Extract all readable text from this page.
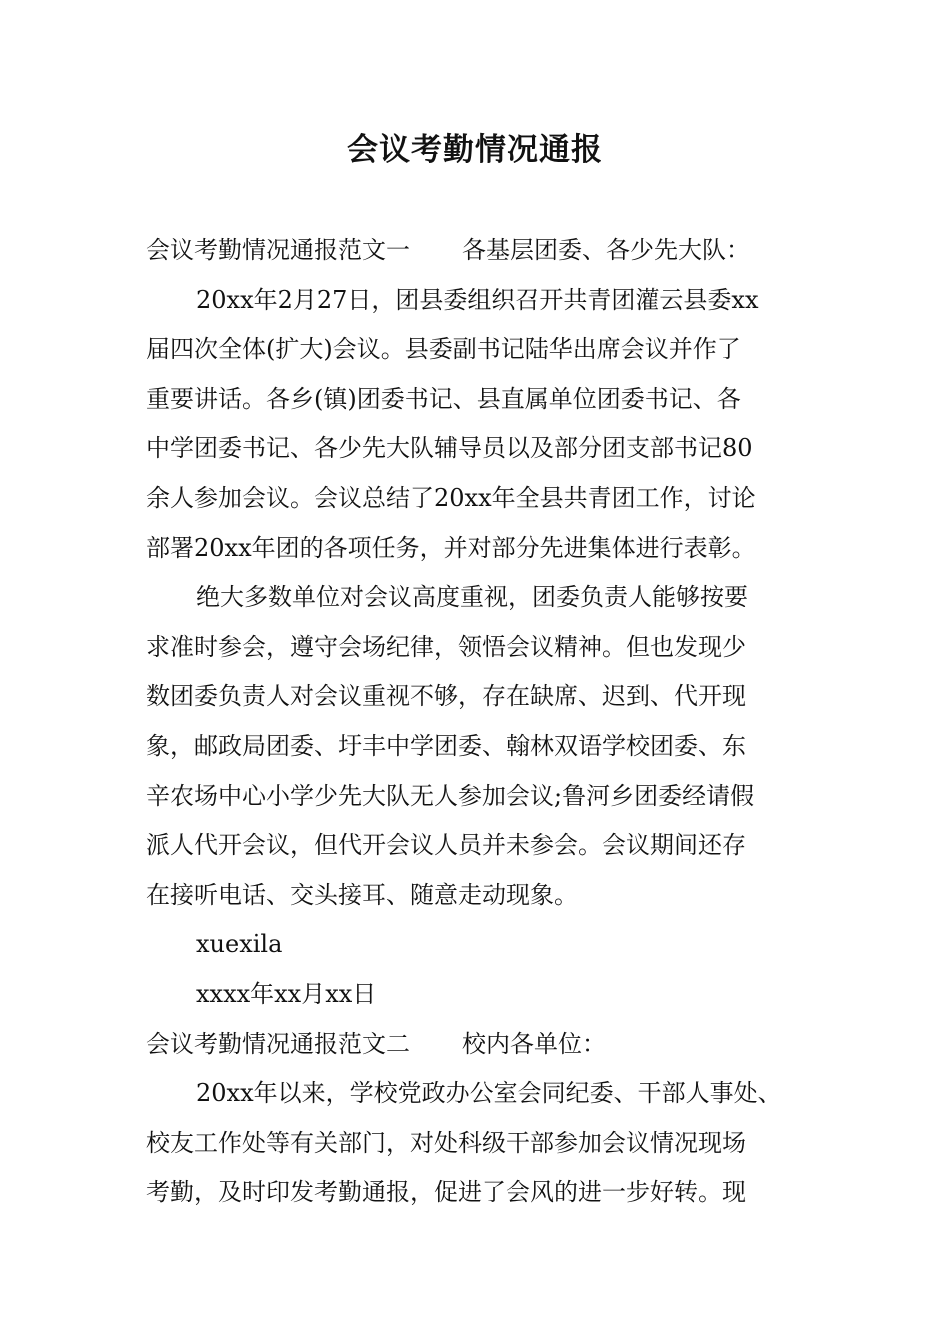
会议考勤情况通报
会议考勤情况通报范文一 各基层团委、各少先大队：
20xx年2月27日，团县委组织召开共青团灌云县委xx
届四次全体(扩大)会议。县委副书记陆华出席会议并作了
重要讲话。各乡(镇)团委书记、县直属单位团委书记、各
中学团委书记、各少先大队辅导员以及部分团支部书记80
余人参加会议。会议总结了20xx年全县共青团工作，讨论
部署20xx年团的各项任务，并对部分先进集体进行表彰。
绝大多数单位对会议高度重视，团委负责人能够按要
求准时参会，遵守会场纪律，领悟会议精神。但也发现少
数团委负责人对会议重视不够，存在缺席、迟到、代开现
象，邮政局团委、圩丰中学团委、翰林双语学校团委、东
辛农场中心小学少先大队无人参加会议;鲁河乡团委经请假
派人代开会议，但代开会议人员并未参会。会议期间还存
在接听电话、交头接耳、随意走动现象。
xuexila
xxxx年xx月xx日
会议考勤情况通报范文二 校内各单位：
20xx年以来，学校党政办公室会同纪委、干部人事处、
校友工作处等有关部门，对处科级干部参加会议情况现场
考勤，及时印发考勤通报，促进了会风的进一步好转。现
